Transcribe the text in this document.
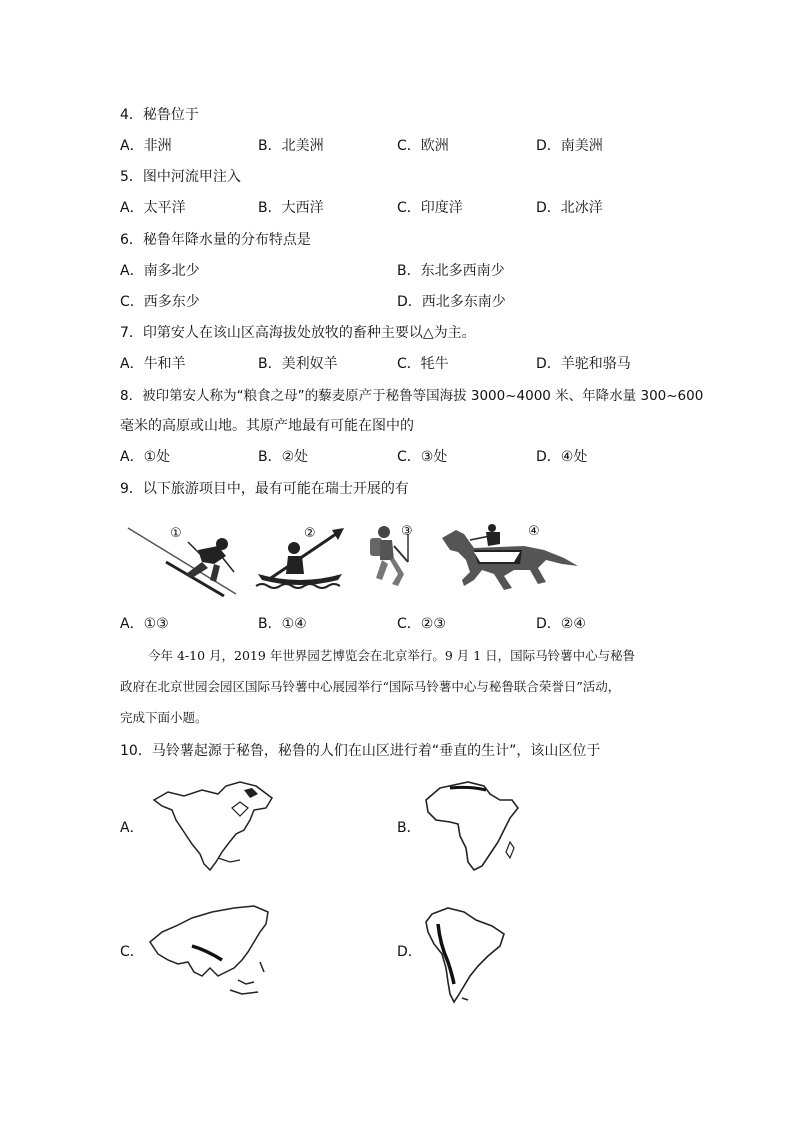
4．秘鲁位于
A．非洲	B．北美洲	C．欧洲	D．南美洲
5．图中河流甲注入
A．太平洋	B．大西洋	C．印度洋	D．北冰洋
6．秘鲁年降水量的分布特点是
A．南多北少	B．东北多西南少
C．西多东少	D．西北多东南少
7．印第安人在该山区高海拔处放牧的畜种主要以△为主。
A．牛和羊	B．美利奴羊	C．牦牛	D．羊驼和骆马
8．被印第安人称为“粮食之母”的藜麦原产于秘鲁等国海拔 3000~4000 米、年降水量 300~600
毫米的高原或山地。其原产地最有可能在图中的
A．①处	B．②处	C．③处	D．④处
9．以下旅游项目中，最有可能在瑞士开展的有
①	②	③	④
A．①③	B．①④	C．②③	D．②④
今年 4-10 月，2019 年世界园艺博览会在北京举行。9 月 1 日，国际马铃薯中心与秘鲁
政府在北京世园会园区国际马铃薯中心展园举行“国际马铃薯中心与秘鲁联合荣誉日”活动，
完成下面小题。
10．马铃薯起源于秘鲁，秘鲁的人们在山区进行着“垂直的生计”，该山区位于
A．	B．
C．	D．
